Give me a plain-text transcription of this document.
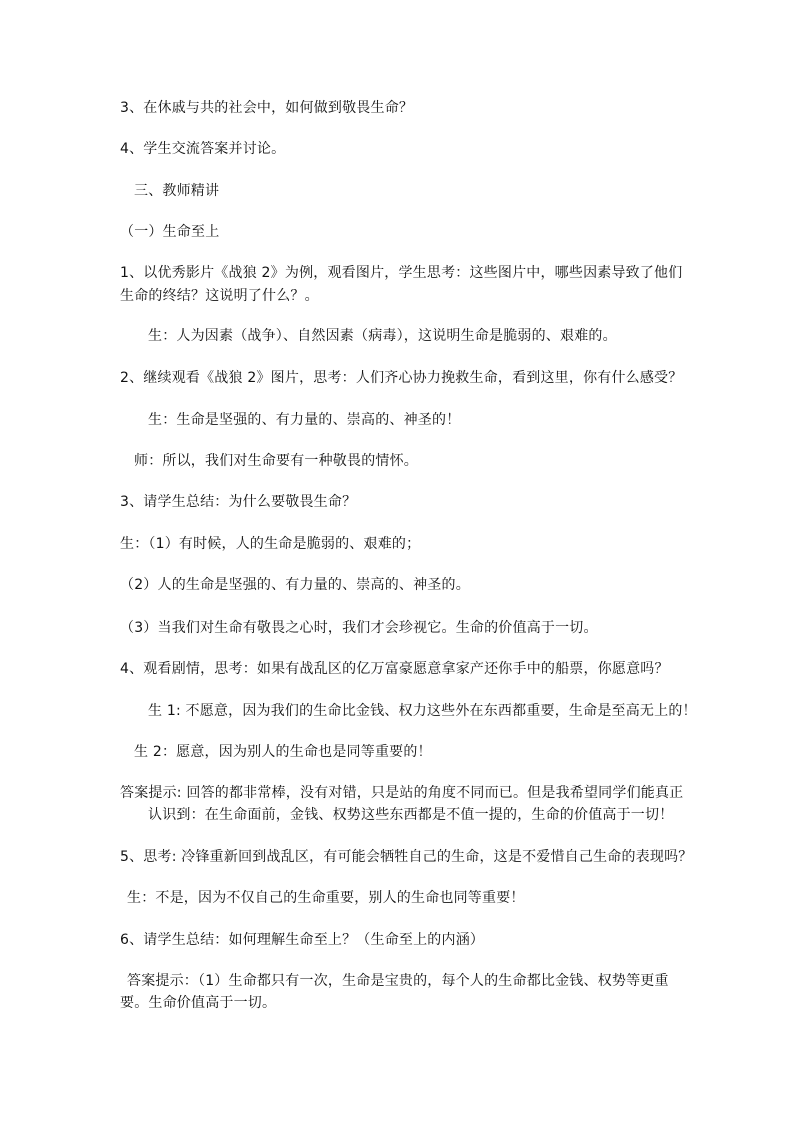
3、在休戚与共的社会中，如何做到敬畏生命？
4、学生交流答案并讨论。
三、教师精讲
（一）生命至上
1、以优秀影片《战狼 2》为例，观看图片，学生思考：这些图片中，哪些因素导致了他们
生命的终结？这说明了什么？。
生：人为因素（战争）、自然因素（病毒），这说明生命是脆弱的、艰难的。
2、继续观看《战狼 2》图片，思考：人们齐心协力挽救生命，看到这里，你有什么感受？
生：生命是坚强的、有力量的、崇高的、神圣的！
师：所以，我们对生命要有一种敬畏的情怀。
3、请学生总结：为什么要敬畏生命？
生：（1）有时候，人的生命是脆弱的、艰难的；
（2）人的生命是坚强的、有力量的、崇高的、神圣的。
（3）当我们对生命有敬畏之心时，我们才会珍视它。生命的价值高于一切。
4、观看剧情，思考：如果有战乱区的亿万富豪愿意拿家产还你手中的船票，你愿意吗？
生 1: 不愿意，因为我们的生命比金钱、权力这些外在东西都重要，生命是至高无上的！
生 2：愿意，因为别人的生命也是同等重要的！
答案提示: 回答的都非常棒，没有对错，只是站的角度不同而已。但是我希望同学们能真正
认识到：在生命面前，金钱、权势这些东西都是不值一提的，生命的价值高于一切！
5、思考: 冷锋重新回到战乱区，有可能会牺牲自己的生命，这是不爱惜自己生命的表现吗？
生：不是，因为不仅自己的生命重要，别人的生命也同等重要！
6、请学生总结：如何理解生命至上？（生命至上的内涵）
答案提示：（1）生命都只有一次，生命是宝贵的，每个人的生命都比金钱、权势等更重
要。生命价值高于一切。
